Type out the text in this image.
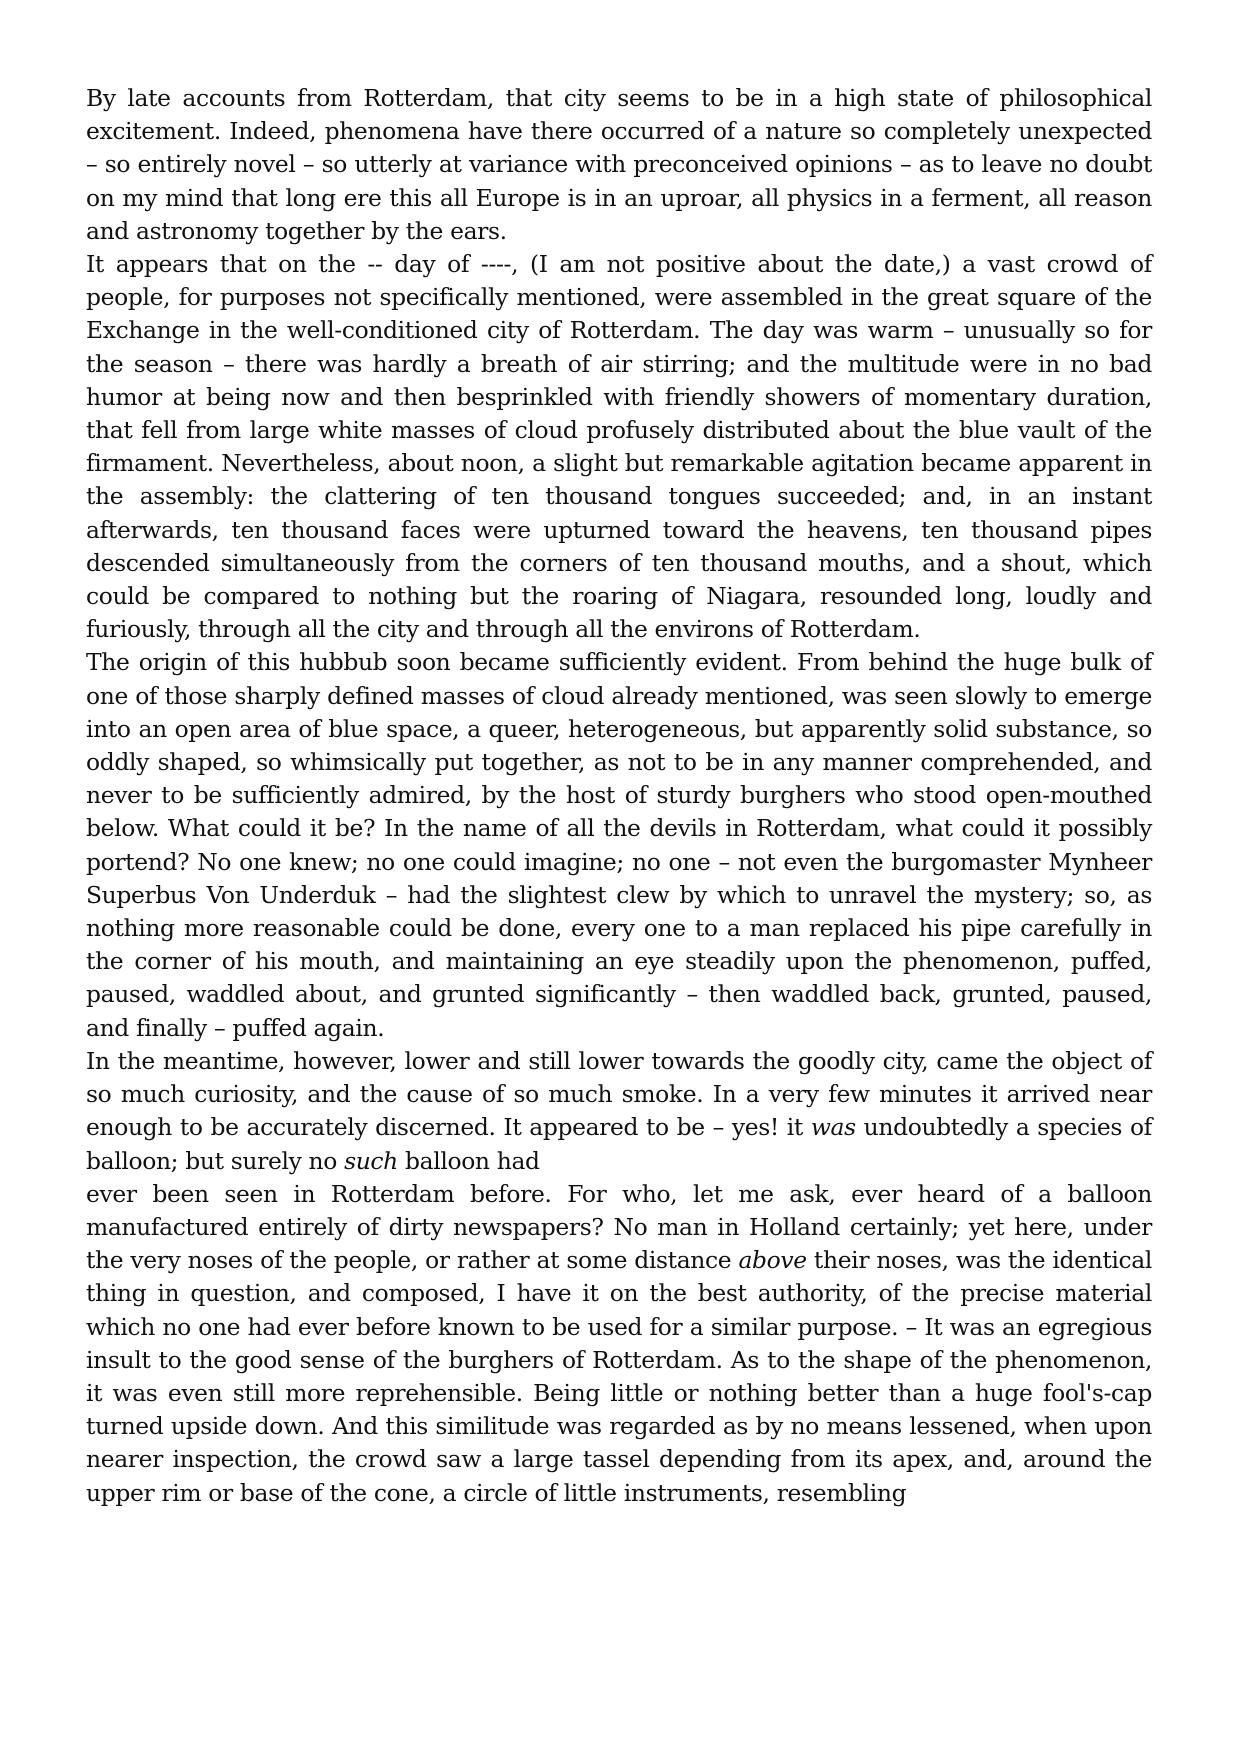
By late accounts from Rotterdam, that city seems to be in a high state of philosophical excitement. Indeed, phenomena have there occurred of a nature so completely unexpected – so entirely novel – so utterly at variance with preconceived opinions – as to leave no doubt on my mind that long ere this all Europe is in an uproar, all physics in a ferment, all reason and astronomy together by the ears.

It appears that on the -- day of ----, (I am not positive about the date,) a vast crowd of people, for purposes not specifically mentioned, were assembled in the great square of the Exchange in the well-conditioned city of Rotterdam. The day was warm – unusually so for the season – there was hardly a breath of air stirring; and the multitude were in no bad humor at being now and then besprinkled with friendly showers of momentary duration, that fell from large white masses of cloud profusely distributed about the blue vault of the firmament. Nevertheless, about noon, a slight but remarkable agitation became apparent in the assembly: the clattering of ten thousand tongues succeeded; and, in an instant afterwards, ten thousand faces were upturned toward the heavens, ten thousand pipes descended simultaneously from the corners of ten thousand mouths, and a shout, which could be compared to nothing but the roaring of Niagara, resounded long, loudly and furiously, through all the city and through all the environs of Rotterdam.

The origin of this hubbub soon became sufficiently evident. From behind the huge bulk of one of those sharply defined masses of cloud already mentioned, was seen slowly to emerge into an open area of blue space, a queer, heterogeneous, but apparently solid substance, so oddly shaped, so whimsically put together, as not to be in any manner comprehended, and never to be sufficiently admired, by the host of sturdy burghers who stood open-mouthed below. What could it be? In the name of all the devils in Rotterdam, what could it possibly portend? No one knew; no one could imagine; no one – not even the burgomaster Mynheer Superbus Von Underduk – had the slightest clew by which to unravel the mystery; so, as nothing more reasonable could be done, every one to a man replaced his pipe carefully in the corner of his mouth, and maintaining an eye steadily upon the phenomenon, puffed, paused, waddled about, and grunted significantly – then waddled back, grunted, paused, and finally – puffed again.

In the meantime, however, lower and still lower towards the goodly city, came the object of so much curiosity, and the cause of so much smoke. In a very few minutes it arrived near enough to be accurately discerned. It appeared to be – yes! it was undoubtedly a species of balloon; but surely no such balloon had

ever been seen in Rotterdam before. For who, let me ask, ever heard of a balloon manufactured entirely of dirty newspapers? No man in Holland certainly; yet here, under the very noses of the people, or rather at some distance above their noses, was the identical thing in question, and composed, I have it on the best authority, of the precise material which no one had ever before known to be used for a similar purpose. – It was an egregious insult to the good sense of the burghers of Rotterdam. As to the shape of the phenomenon, it was even still more reprehensible. Being little or nothing better than a huge fool's-cap turned upside down. And this similitude was regarded as by no means lessened, when upon nearer inspection, the crowd saw a large tassel depending from its apex, and, around the upper rim or base of the cone, a circle of little instruments, resembling
